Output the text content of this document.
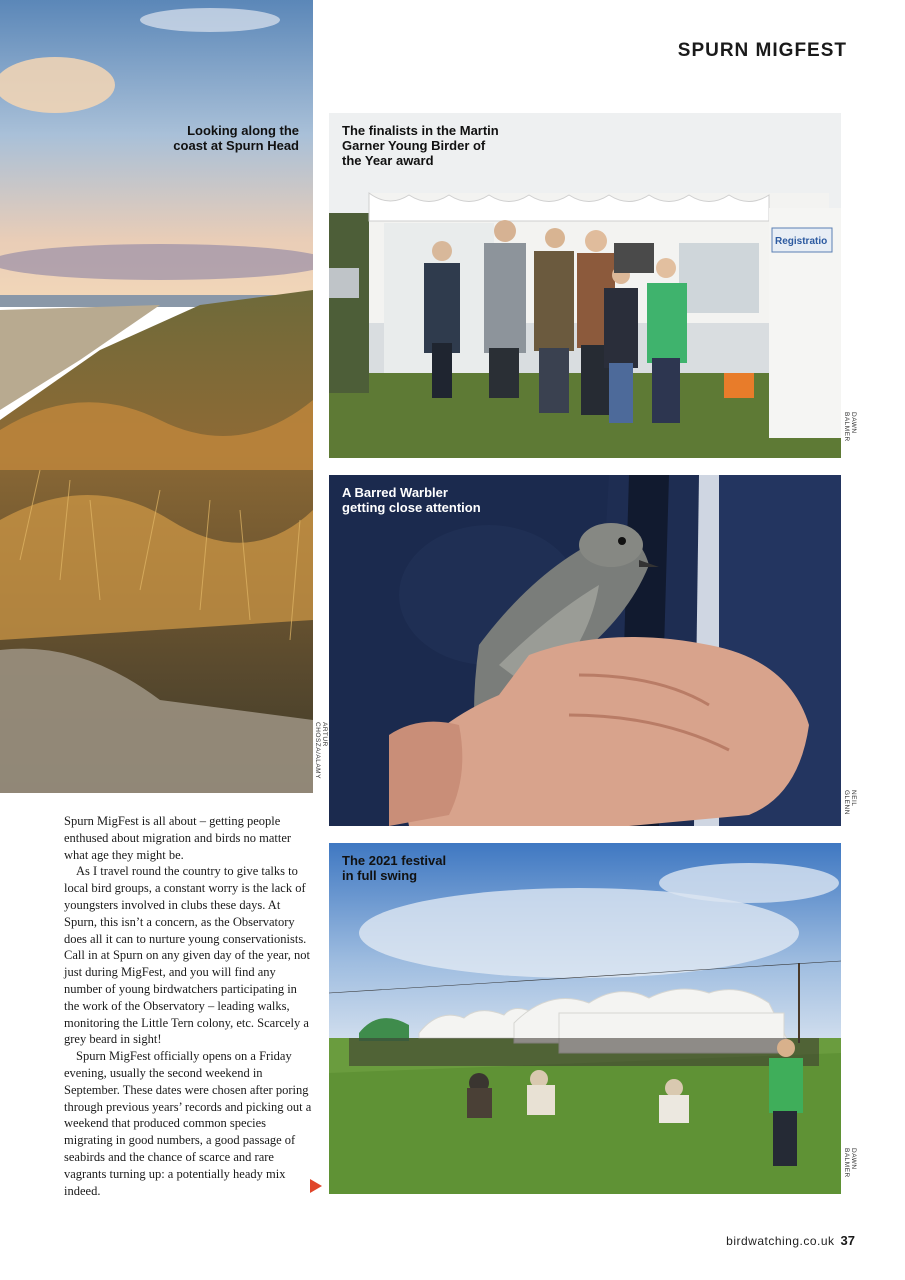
SPURN MIGFEST
Looking along the
coast at Spurn Head
ARTUR CHOSZA/ALAMY
Registratio
The finalists in the Martin
Garner Young Birder of
the Year award
DAWN BALMER
A Barred Warbler
getting close attention
NEIL GLENN
The 2021 festival
in full swing
DAWN BALMER

Spurn MigFest is all about – getting people enthused about migration and birds no matter what age they might be.

As I travel round the country to give talks to local bird groups, a constant worry is the lack of youngsters involved in clubs these days. At Spurn, this isn’t a concern, as the Observatory does all it can to nurture young conservationists. Call in at Spurn on any given day of the year, not just during MigFest, and you will find any number of young birdwatchers participating in the work of the Observatory – leading walks, monitoring the Little Tern colony, etc. Scarcely a grey beard in sight!

Spurn MigFest officially opens on a Friday evening, usually the second weekend in September. These dates were chosen after poring through previous years’ records and picking out a weekend that produced common species migrating in good numbers, a good passage of seabirds and the chance of scarce and rare vagrants turning up: a potentially heady mix indeed.

birdwatching.co.uk 37
